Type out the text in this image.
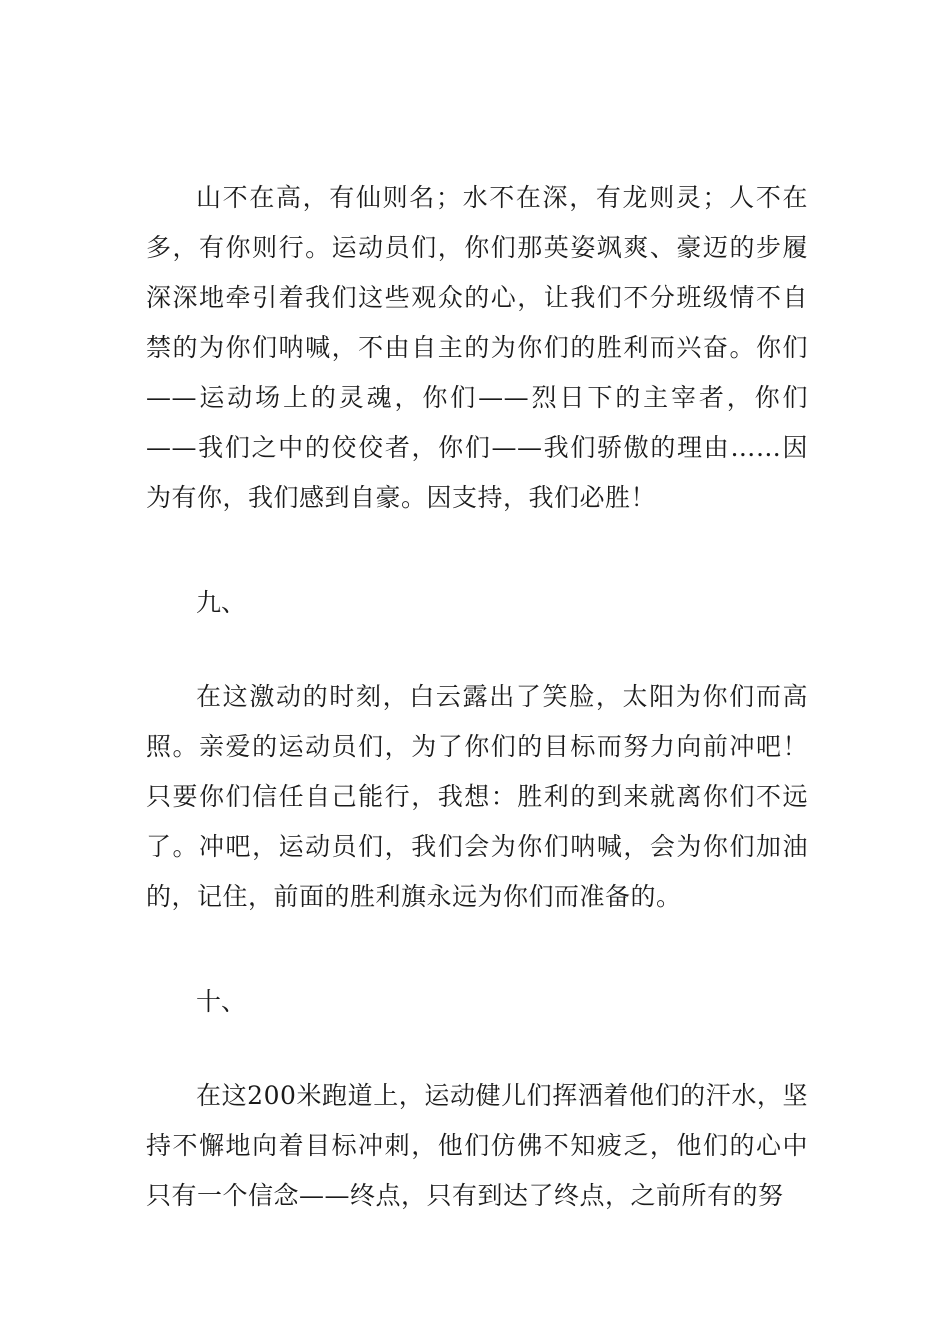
山不在高，有仙则名；水不在深，有龙则灵；人不在多，有你则行。运动员们，你们那英姿飒爽、豪迈的步履深深地牵引着我们这些观众的心，让我们不分班级情不自禁的为你们呐喊，不由自主的为你们的胜利而兴奋。你们——运动场上的灵魂，你们——烈日下的主宰者，你们——我们之中的佼佼者，你们——我们骄傲的理由……因为有你，我们感到自豪。因支持，我们必胜！

九、

在这激动的时刻，白云露出了笑脸，太阳为你们而高照。亲爱的运动员们，为了你们的目标而努力向前冲吧！只要你们信任自己能行，我想：胜利的到来就离你们不远了。冲吧，运动员们，我们会为你们呐喊，会为你们加油的，记住，前面的胜利旗永远为你们而准备的。

十、

在这200米跑道上，运动健儿们挥洒着他们的汗水，坚持不懈地向着目标冲刺，他们仿佛不知疲乏，他们的心中只有一个信念——终点，只有到达了终点，之前所有的努
